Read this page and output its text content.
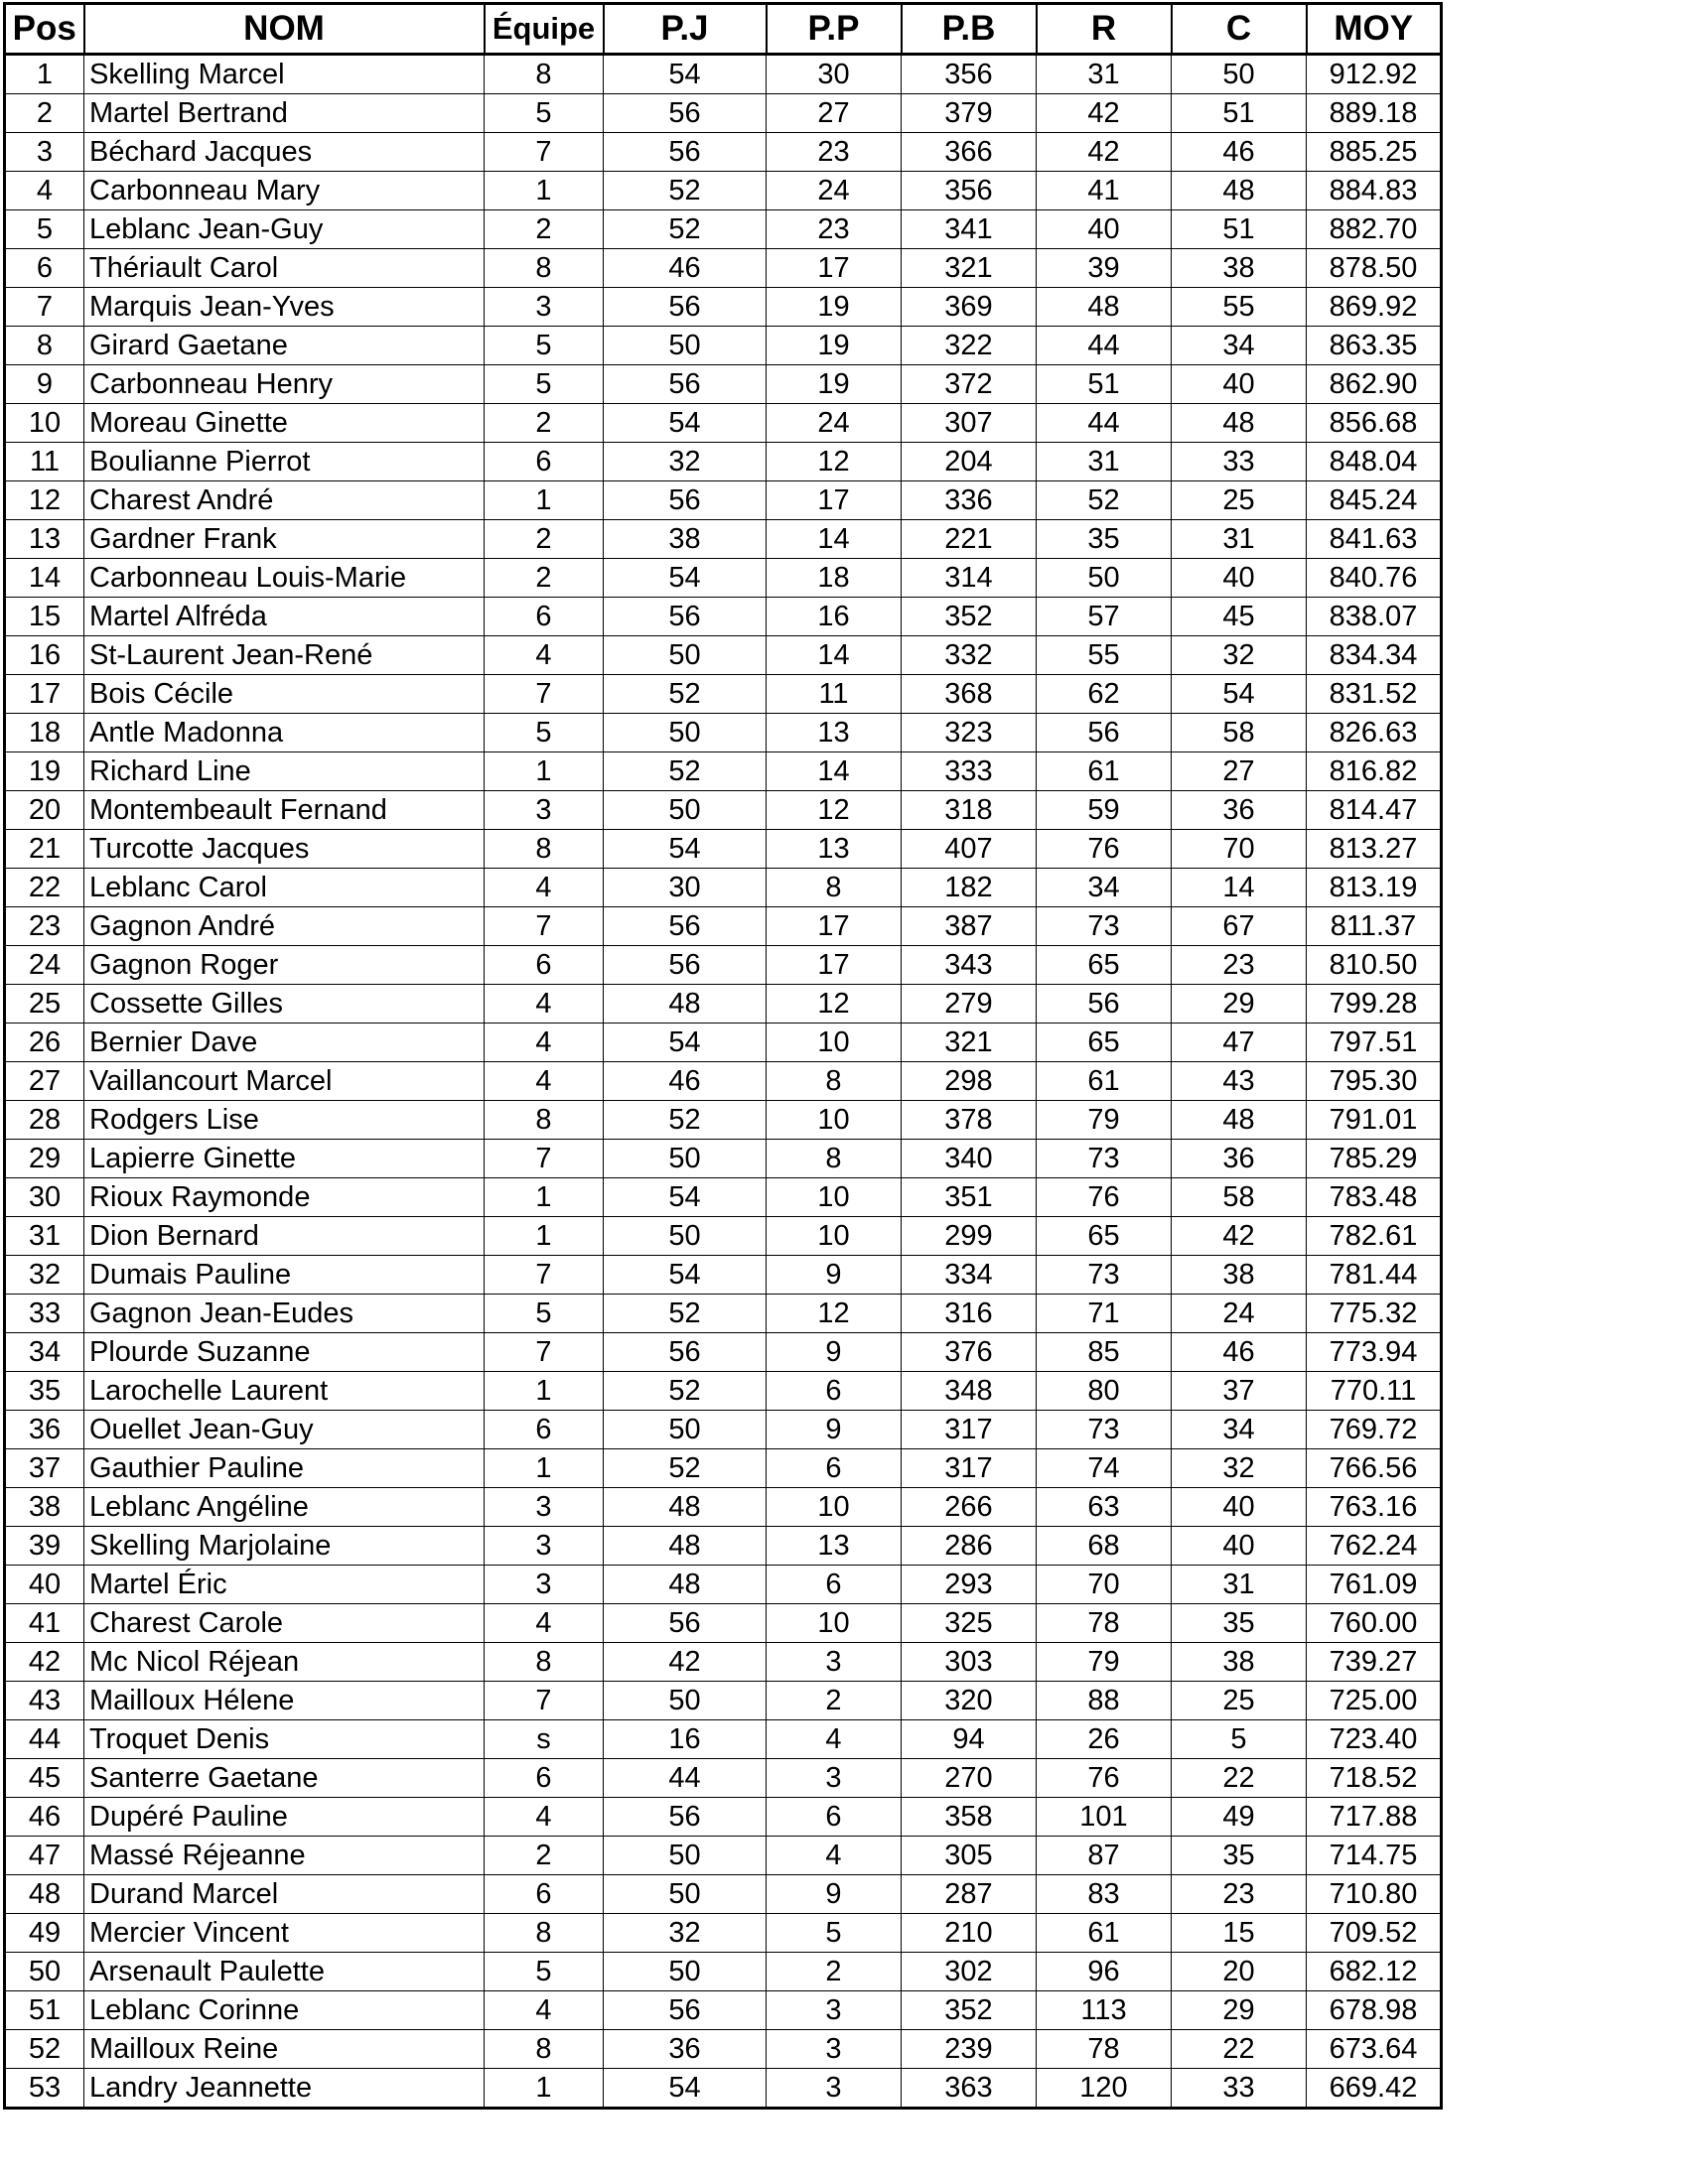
Pos	NOM	Équipe	P.J	P.P	P.B	R	C	MOY
1	Skelling Marcel	8	54	30	356	31	50	912.92
2	Martel Bertrand	5	56	27	379	42	51	889.18
3	Béchard Jacques	7	56	23	366	42	46	885.25
4	Carbonneau Mary	1	52	24	356	41	48	884.83
5	Leblanc Jean-Guy	2	52	23	341	40	51	882.70
6	Thériault Carol	8	46	17	321	39	38	878.50
7	Marquis Jean-Yves	3	56	19	369	48	55	869.92
8	Girard Gaetane	5	50	19	322	44	34	863.35
9	Carbonneau Henry	5	56	19	372	51	40	862.90
10	Moreau Ginette	2	54	24	307	44	48	856.68
11	Boulianne Pierrot	6	32	12	204	31	33	848.04
12	Charest André	1	56	17	336	52	25	845.24
13	Gardner Frank	2	38	14	221	35	31	841.63
14	Carbonneau Louis-Marie	2	54	18	314	50	40	840.76
15	Martel Alfréda	6	56	16	352	57	45	838.07
16	St-Laurent Jean-René	4	50	14	332	55	32	834.34
17	Bois Cécile	7	52	11	368	62	54	831.52
18	Antle Madonna	5	50	13	323	56	58	826.63
19	Richard Line	1	52	14	333	61	27	816.82
20	Montembeault Fernand	3	50	12	318	59	36	814.47
21	Turcotte Jacques	8	54	13	407	76	70	813.27
22	Leblanc Carol	4	30	8	182	34	14	813.19
23	Gagnon André	7	56	17	387	73	67	811.37
24	Gagnon Roger	6	56	17	343	65	23	810.50
25	Cossette Gilles	4	48	12	279	56	29	799.28
26	Bernier Dave	4	54	10	321	65	47	797.51
27	Vaillancourt Marcel	4	46	8	298	61	43	795.30
28	Rodgers Lise	8	52	10	378	79	48	791.01
29	Lapierre Ginette	7	50	8	340	73	36	785.29
30	Rioux Raymonde	1	54	10	351	76	58	783.48
31	Dion Bernard	1	50	10	299	65	42	782.61
32	Dumais Pauline	7	54	9	334	73	38	781.44
33	Gagnon Jean-Eudes	5	52	12	316	71	24	775.32
34	Plourde Suzanne	7	56	9	376	85	46	773.94
35	Larochelle Laurent	1	52	6	348	80	37	770.11
36	Ouellet Jean-Guy	6	50	9	317	73	34	769.72
37	Gauthier Pauline	1	52	6	317	74	32	766.56
38	Leblanc Angéline	3	48	10	266	63	40	763.16
39	Skelling Marjolaine	3	48	13	286	68	40	762.24
40	Martel Éric	3	48	6	293	70	31	761.09
41	Charest Carole	4	56	10	325	78	35	760.00
42	Mc Nicol Réjean	8	42	3	303	79	38	739.27
43	Mailloux Hélene	7	50	2	320	88	25	725.00
44	Troquet Denis	s	16	4	94	26	5	723.40
45	Santerre Gaetane	6	44	3	270	76	22	718.52
46	Dupéré Pauline	4	56	6	358	101	49	717.88
47	Massé Réjeanne	2	50	4	305	87	35	714.75
48	Durand Marcel	6	50	9	287	83	23	710.80
49	Mercier Vincent	8	32	5	210	61	15	709.52
50	Arsenault Paulette	5	50	2	302	96	20	682.12
51	Leblanc Corinne	4	56	3	352	113	29	678.98
52	Mailloux Reine	8	36	3	239	78	22	673.64
53	Landry Jeannette	1	54	3	363	120	33	669.42
